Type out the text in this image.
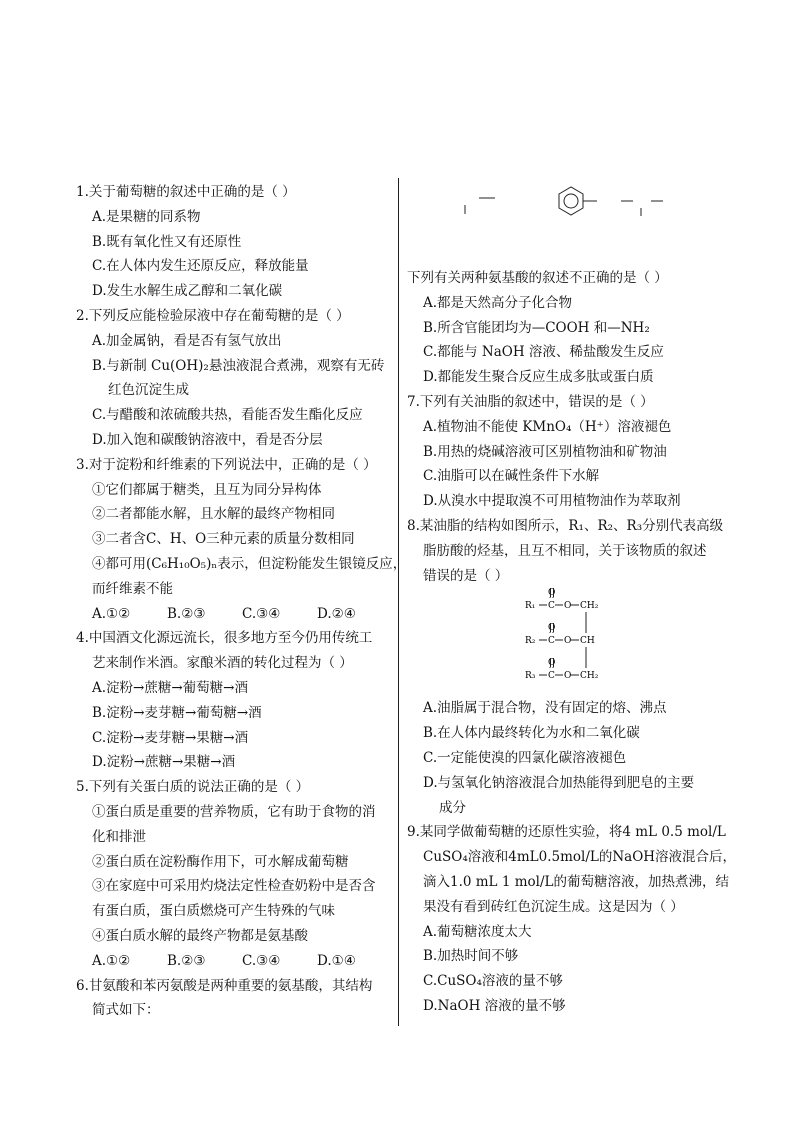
1.关于葡萄糖的叙述中正确的是（ ）
A.是果糖的同系物
B.既有氧化性又有还原性
C.在人体内发生还原反应，释放能量
D.发生水解生成乙醇和二氧化碳
2.下列反应能检验尿液中存在葡萄糖的是（ ）
A.加金属钠，看是否有氢气放出
B.与新制 Cu(OH)₂悬浊液混合煮沸，观察有无砖
红色沉淀生成
C.与醋酸和浓硫酸共热，看能否发生酯化反应
D.加入饱和碳酸钠溶液中，看是否分层
3.对于淀粉和纤维素的下列说法中，正确的是（ ）
①它们都属于糖类，且互为同分异构体
②二者都能水解，且水解的最终产物相同
③二者含C、H、O三种元素的质量分数相同
④都可用(C₆H₁₀O₅)ₙ表示，但淀粉能发生银镜反应，
而纤维素不能
A.①②	B.②③	C.③④	D.②④
4.中国酒文化源远流长，很多地方至今仍用传统工
艺来制作米酒。家酿米酒的转化过程为（ ）
A.淀粉→蔗糖→葡萄糖→酒
B.淀粉→麦芽糖→葡萄糖→酒
C.淀粉→麦芽糖→果糖→酒
D.淀粉→蔗糖→果糖→酒
5.下列有关蛋白质的说法正确的是（ ）
①蛋白质是重要的营养物质，它有助于食物的消
化和排泄
②蛋白质在淀粉酶作用下，可水解成葡萄糖
③在家庭中可采用灼烧法定性检查奶粉中是否含
有蛋白质，蛋白质燃烧可产生特殊的气味
④蛋白质水解的最终产物都是氨基酸
A.①②	B.②③	C.③④	D.①④
6.甘氨酸和苯丙氨酸是两种重要的氨基酸，其结构
简式如下：
下列有关两种氨基酸的叙述不正确的是（ ）
A.都是天然高分子化合物
B.所含官能团均为—COOH 和—NH₂
C.都能与 NaOH 溶液、稀盐酸发生反应
D.都能发生聚合反应生成多肽或蛋白质
7.下列有关油脂的叙述中，错误的是（ ）
A.植物油不能使 KMnO₄（H⁺）溶液褪色
B.用热的烧碱溶液可区别植物油和矿物油
C.油脂可以在碱性条件下水解
D.从溴水中提取溴不可用植物油作为萃取剂
8.某油脂的结构如图所示，R₁、R₂、R₃分别代表高级
脂肪酸的烃基，且互不相同，关于该物质的叙述
错误的是（ ）
R₁ C O CH₂
O
R₂ C O CH
O
R₃ C O CH₂
O
A.油脂属于混合物，没有固定的熔、沸点
B.在人体内最终转化为水和二氧化碳
C.一定能使溴的四氯化碳溶液褪色
D.与氢氧化钠溶液混合加热能得到肥皂的主要
成分
9.某同学做葡萄糖的还原性实验，将4 mL 0.5 mol/L
CuSO₄溶液和4mL0.5mol/L的NaOH溶液混合后，
滴入1.0 mL 1 mol/L的葡萄糖溶液，加热煮沸，结
果没有看到砖红色沉淀生成。这是因为（ ）
A.葡萄糖浓度太大
B.加热时间不够
C.CuSO₄溶液的量不够
D.NaOH 溶液的量不够
